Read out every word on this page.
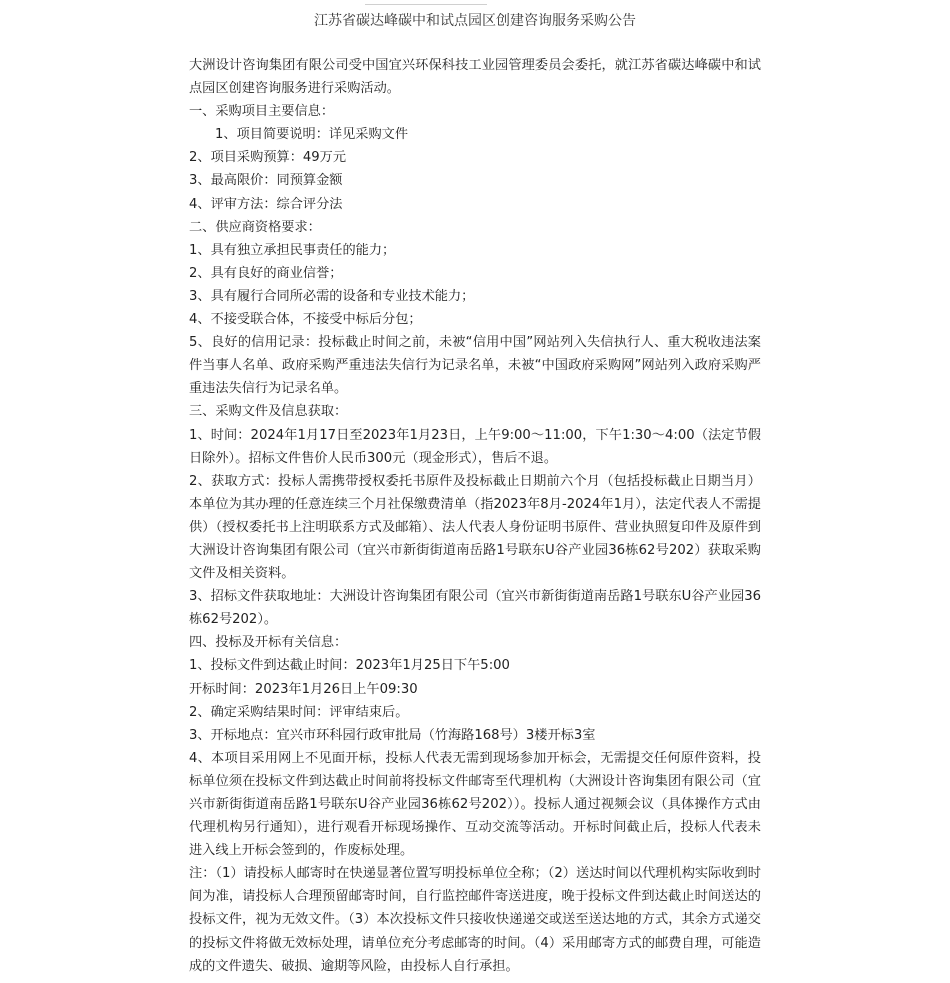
江苏省碳达峰碳中和试点园区创建咨询服务采购公告

大洲设计咨询集团有限公司受中国宜兴环保科技工业园管理委员会委托，就江苏省碳达峰碳中和试点园区创建咨询服务进行采购活动。

一、采购项目主要信息：

1、项目简要说明：详见采购文件

2、项目采购预算：49万元

3、最高限价：同预算金额

4、评审方法：综合评分法

二、供应商资格要求：

1、具有独立承担民事责任的能力；

2、具有良好的商业信誉；

3、具有履行合同所必需的设备和专业技术能力；

4、不接受联合体，不接受中标后分包；

5、良好的信用记录：投标截止时间之前，未被“信用中国”网站列入失信执行人、重大税收违法案件当事人名单、政府采购严重违法失信行为记录名单，未被“中国政府采购网”网站列入政府采购严重违法失信行为记录名单。

三、采购文件及信息获取：

1、时间：2024年1月17日至2023年1月23日，上午9:00～11:00，下午1:30～4:00（法定节假日除外）。招标文件售价人民币300元（现金形式），售后不退。

2、获取方式：投标人需携带授权委托书原件及投标截止日期前六个月（包括投标截止日期当月）本单位为其办理的任意连续三个月社保缴费清单（指2023年8月-2024年1月），法定代表人不需提供）（授权委托书上注明联系方式及邮箱）、法人代表人身份证明书原件、营业执照复印件及原件到大洲设计咨询集团有限公司（宜兴市新街街道南岳路1号联东U谷产业园36栋62号202）获取采购文件及相关资料。

3、招标文件获取地址：大洲设计咨询集团有限公司（宜兴市新街街道南岳路1号联东U谷产业园36栋62号202）。

四、投标及开标有关信息：

1、投标文件到达截止时间：2023年1月25日下午5:00

开标时间：2023年1月26日上午09:30

2、确定采购结果时间：评审结束后。

3、开标地点：宜兴市环科园行政审批局（竹海路168号）3楼开标3室

4、本项目采用网上不见面开标，投标人代表无需到现场参加开标会，无需提交任何原件资料，投标单位须在投标文件到达截止时间前将投标文件邮寄至代理机构（大洲设计咨询集团有限公司（宜兴市新街街道南岳路1号联东U谷产业园36栋62号202））。投标人通过视频会议（具体操作方式由代理机构另行通知），进行观看开标现场操作、互动交流等活动。开标时间截止后，投标人代表未进入线上开标会签到的，作废标处理。

注：（1）请投标人邮寄时在快递显著位置写明投标单位全称；（2）送达时间以代理机构实际收到时间为准，请投标人合理预留邮寄时间，自行监控邮件寄送进度，晚于投标文件到达截止时间送达的投标文件，视为无效文件。（3）本次投标文件只接收快递递交或送至送达地的方式，其余方式递交的投标文件将做无效标处理，请单位充分考虑邮寄的时间。（4）采用邮寄方式的邮费自理，可能造成的文件遗失、破损、逾期等风险，由投标人自行承担。
